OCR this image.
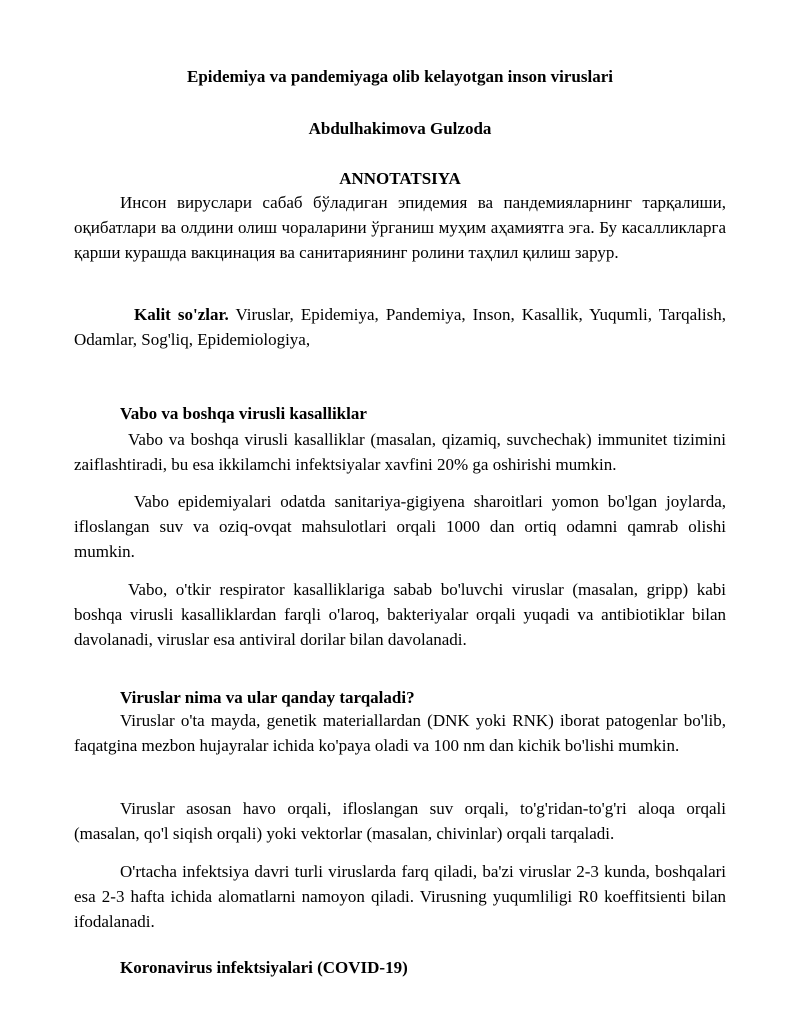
Epidemiya va pandemiyaga olib kelayotgan inson viruslari
Abdulhakimova Gulzoda
ANNOTATSIYA
Инсон вируслари сабаб бўладиган эпидемия ва пандемияларнинг тарқалиши, оқибатлари ва олдини олиш чораларини ўрганиш муҳим аҳамиятга эга. Бу касалликларга қарши курашда вакцинация ва санитариянинг ролини таҳлил қилиш зарур.
Kalit so'zlar. Viruslar, Epidemiya, Pandemiya, Inson, Kasallik, Yuqumli, Tarqalish, Odamlar, Sog'liq, Epidemiologiya,
Vabo va boshqa virusli kasalliklar
Vabo va boshqa virusli kasalliklar (masalan, qizamiq, suvchechak) immunitet tizimini zaiflashtiradi, bu esa ikkilamchi infektsiyalar xavfini 20% ga oshirishi mumkin.
Vabo epidemiyalari odatda sanitariya-gigiyena sharoitlari yomon bo'lgan joylarda, ifloslangan suv va oziq-ovqat mahsulotlari orqali 1000 dan ortiq odamni qamrab olishi mumkin.
Vabo, o'tkir respirator kasalliklariga sabab bo'luvchi viruslar (masalan, gripp) kabi boshqa virusli kasalliklardan farqli o'laroq, bakteriyalar orqali yuqadi va antibiotiklar bilan davolanadi, viruslar esa antiviral dorilar bilan davolanadi.
Viruslar nima va ular qanday tarqaladi?
Viruslar o'ta mayda, genetik materiallardan (DNK yoki RNK) iborat patogenlar bo'lib, faqatgina mezbon hujayralar ichida ko'paya oladi va 100 nm dan kichik bo'lishi mumkin.
Viruslar asosan havo orqali, ifloslangan suv orqali, to'g'ridan-to'g'ri aloqa orqali (masalan, qo'l siqish orqali) yoki vektorlar (masalan, chivinlar) orqali tarqaladi.
O'rtacha infektsiya davri turli viruslarda farq qiladi, ba'zi viruslar 2-3 kunda, boshqalari esa 2-3 hafta ichida alomatlarni namoyon qiladi. Virusning yuqumliligi R0 koeffitsienti bilan ifodalanadi.
Koronavirus infektsiyalari (COVID-19)
